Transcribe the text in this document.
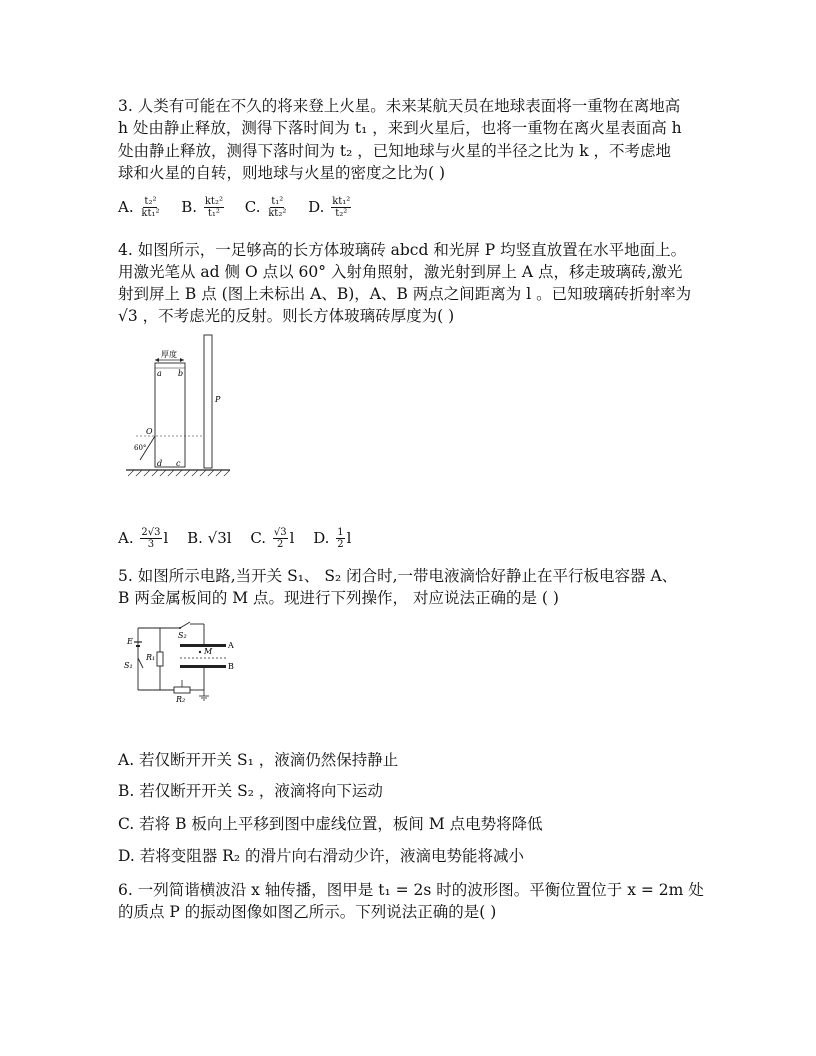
3. 人类有可能在不久的将来登上火星。未来某航天员在地球表面将一重物在离地高
h 处由静止释放，测得下落时间为 t₁ ，来到火星后，也将一重物在离火星表面高 h
处由静止释放，测得下落时间为 t₂ ，已知地球与火星的半径之比为 k ，不考虑地
球和火星的自转，则地球与火星的密度之比为( )
A. $\frac{\text{t₂²}}{\text{kt₁²}} B$. $\frac{\text{kt₂²}}{\text{t₁²}} C$. $\frac{\text{t₁²}}{\text{kt₂²}} D$. $\frac{\text{kt₁²}}{\text{t₂²}}$
4. 如图所示，一足够高的长方体玻璃砖 abcd 和光屏 P 均竖直放置在水平地面上。
用激光笔从 ad 侧 O 点以 60° 入射角照射，激光射到屏上 A 点，移走玻璃砖,激光
射到屏上 B 点 (图上未标出 A、B)，A、B 两点之间距离为 l 。已知玻璃砖折射率为
√3 ，不考虑光的反射。则长方体玻璃砖厚度为( )
厚度
a b
c
d
O
60°
P
A. $\frac{2√3}{3}$ l B. √3l C. $\frac{√3}{2}$ l D. $\frac{1}{2}$ l
5. 如图所示电路,当开关 S₁、 S₂ 闭合时,一带电液滴恰好静止在平行板电容器 A、
B 两金属板间的 M 点。现进行下列操作， 对应说法正确的是 ( )
E
S₁
R₁
S₂
A
M
B
R₂
A. 若仅断开开关 S₁ ，液滴仍然保持静止
B. 若仅断开开关 S₂ ，液滴将向下运动
C. 若将 B 板向上平移到图中虚线位置，板间 M 点电势将降低
D. 若将变阻器 R₂ 的滑片向右滑动少许，液滴电势能将减小
6. 一列简谐横波沿 x 轴传播，图甲是 t₁ = 2s 时的波形图。平衡位置位于 x = 2m 处
的质点 P 的振动图像如图乙所示。下列说法正确的是( )
